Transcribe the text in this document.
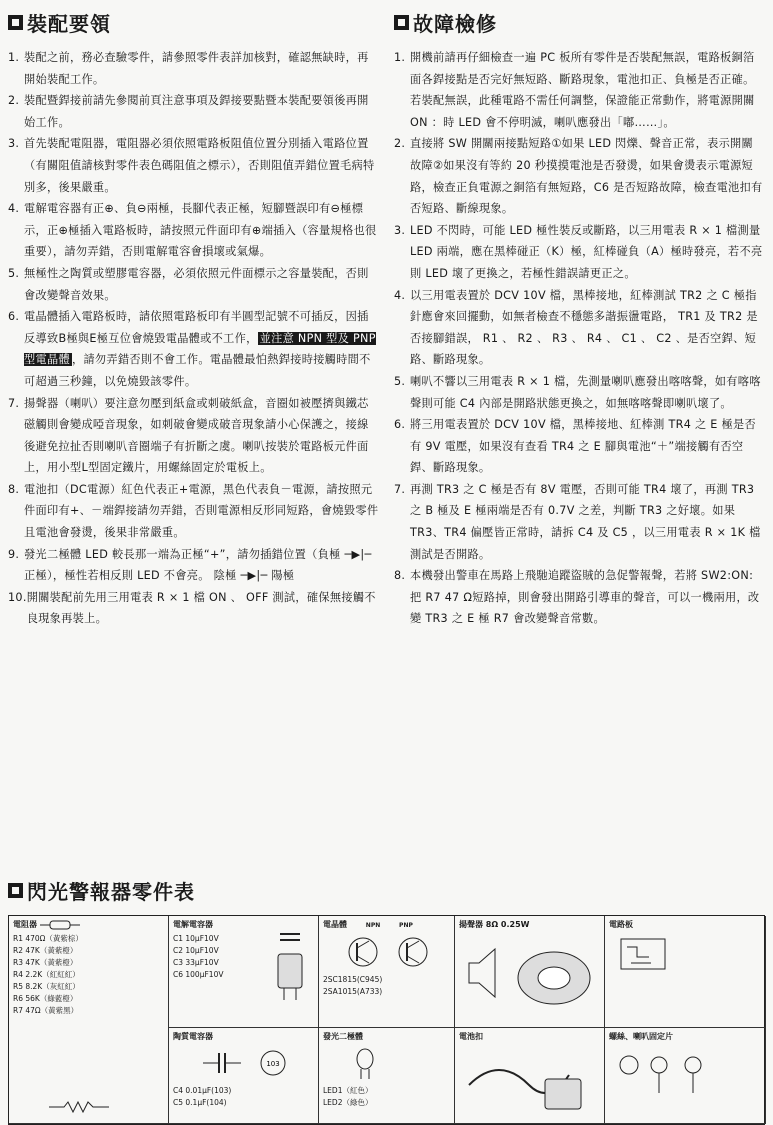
裝配要領
1. 裝配之前，務必查驗零件，請參照零件表詳加核對，確認無缺時，再開始裝配工作。
2. 裝配暨銲接前請先參閱前頁注意事項及銲接要點暨本裝配要領後再開始工作。
3. 首先裝配電阻器，電阻器必須依照電路板阻值位置分別插入電路位置（有關阻值請核對零件表色碼阻值之標示），否則阻值弄錯位置毛病特別多，後果嚴重。
4. 電解電容器有正⊕、負⊖兩極，長腳代表正極，短腳暨誤印有⊖極標示，正⊕極插入電路板時，請按照元件面印有⊕端插入（容量規格也很重要），請勿弄錯，否則電解電容會損壞或氣爆。
5. 無極性之陶質或塑膠電容器，必須依照元件面標示之容量裝配，否則會改變聲音效果。
6. 電晶體插入電路板時，請依照電路板印有半圓型記號不可插反，因插反導致B極與E極互位會燒毀電晶體或不工作， 並注意 NPN 型及 PNP 型電晶體 ，請勿弄錯否則不會工作。電晶體最怕熱銲接時接觸時間不可超過三秒鐘，以免燒毀該零件。
7. 揚聲器（喇叭）要注意勿壓到紙盒或刺破紙盒，音圈如被壓擠與鐵芯磁觸則會變成啞音現象，如刺破會變成破音現象請小心保護之，接線後避免拉扯否則喇叭音圈端子有折斷之虞。喇叭按裝於電路板元件面上，用小型L型固定鐵片，用螺絲固定於電板上。
8. 電池扣（DC電源）紅色代表正+電源，黑色代表負－電源，請按照元件面印有+、－端銲接請勿弄錯，否則電源相反形同短路，會燒毀零件且電池會發燙，後果非常嚴重。
9. 發光二極體 LED 較長那一端為正極“+”，請勿插錯位置（負極 ─▶|─ 正極），極性若相反則 LED 不會亮。 陰極 ─▶|─ 陽極
10. 開關裝配前先用三用電表 R × 1 檔 ON 、 OFF 測試，確保無接觸不良現象再裝上。
故障檢修
1. 開機前請再仔細檢查一遍 PC 板所有零件是否裝配無誤，電路板銅箔面各銲接點是否完好無短路、斷路現象，電池扣正、負極是否正確。若裝配無誤，此種電路不需任何調整，保證能正常動作，將電源開關 ON ：時 LED 會不停明滅，喇叭應發出「嘟……」。
2. 直接將 SW 開關兩接點短路①如果 LED 閃爍、聲音正常，表示開關故障②如果沒有等約 20 秒摸摸電池是否發燙，如果會燙表示電源短路，檢查正負電源之銅箔有無短路，C6 是否短路故障，檢查電池扣有否短路、斷線現象。
3. LED 不閃時，可能 LED 極性裝反或斷路，以三用電表 R × 1 檔測量 LED 兩端，應在黑棒碰正（K）極，紅棒碰負（A）極時發亮，若不亮則 LED 壞了更換之，若極性錯誤請更正之。
4. 以三用電表置於 DCV 10V 檔，黑棒接地，紅棒測試 TR2 之 C 極指針應會來回擺動，如無者檢查不穩態多諧振盪電路， TR1 及 TR2 是否接腳錯誤， R1 、 R2 、 R3 、 R4 、 C1 、 C2 、是否空銲、短路、斷路現象。
5. 喇叭不響以三用電表 R × 1 檔，先測量喇叭應發出喀喀聲，如有喀喀聲則可能 C4 內部是開路狀態更換之，如無喀喀聲即喇叭壞了。
6. 將三用電表置於 DCV 10V 檔，黑棒接地、紅棒測 TR4 之 E 極是否有 9V 電壓，如果沒有查看 TR4 之 E 腳與電池“＋”端接觸有否空銲、斷路現象。
7. 再測 TR3 之 C 極是否有 8V 電壓，否則可能 TR4 壞了，再測 TR3 之 B 極及 E 極兩端是否有 0.7V 之差，判斷 TR3 之好壞。如果 TR3、TR4 偏壓皆正常時，請拆 C4 及 C5 ，以三用電表 R × 1K 檔測試是否開路。
8. 本機發出警車在馬路上飛馳追蹤盜賊的急促警報聲，若將 SW2:ON: 把 R7 47 Ω短路掉，則會發出開路引導車的聲音，可以一機兩用，改變 TR3 之 E 極 R7 會改變聲音常數。
閃光警報器零件表
電阻器
R1 470Ω（黃紫棕）
R2 47K（黃紫橙）
R3 47K（黃紫橙）
R4 2.2K（紅紅紅）
R5 8.2K（灰紅紅）
R6 56K（綠藍橙）
R7 47Ω（黃紫黑）
電解電容器
C1 10μF10V
C2 10μF10V
C3 33μF10V
C6 100μF10V
電晶體	NPN	PNP
2SC1815(C945)
2SA1015(A733)
揚聲器 8Ω 0.25W	電路板
陶質電容器
103
C4 0.01μF(103)
C5 0.1μF(104)
發光二極體
LED1（紅色）
LED2（綠色）
電池扣	螺絲、喇叭固定片
